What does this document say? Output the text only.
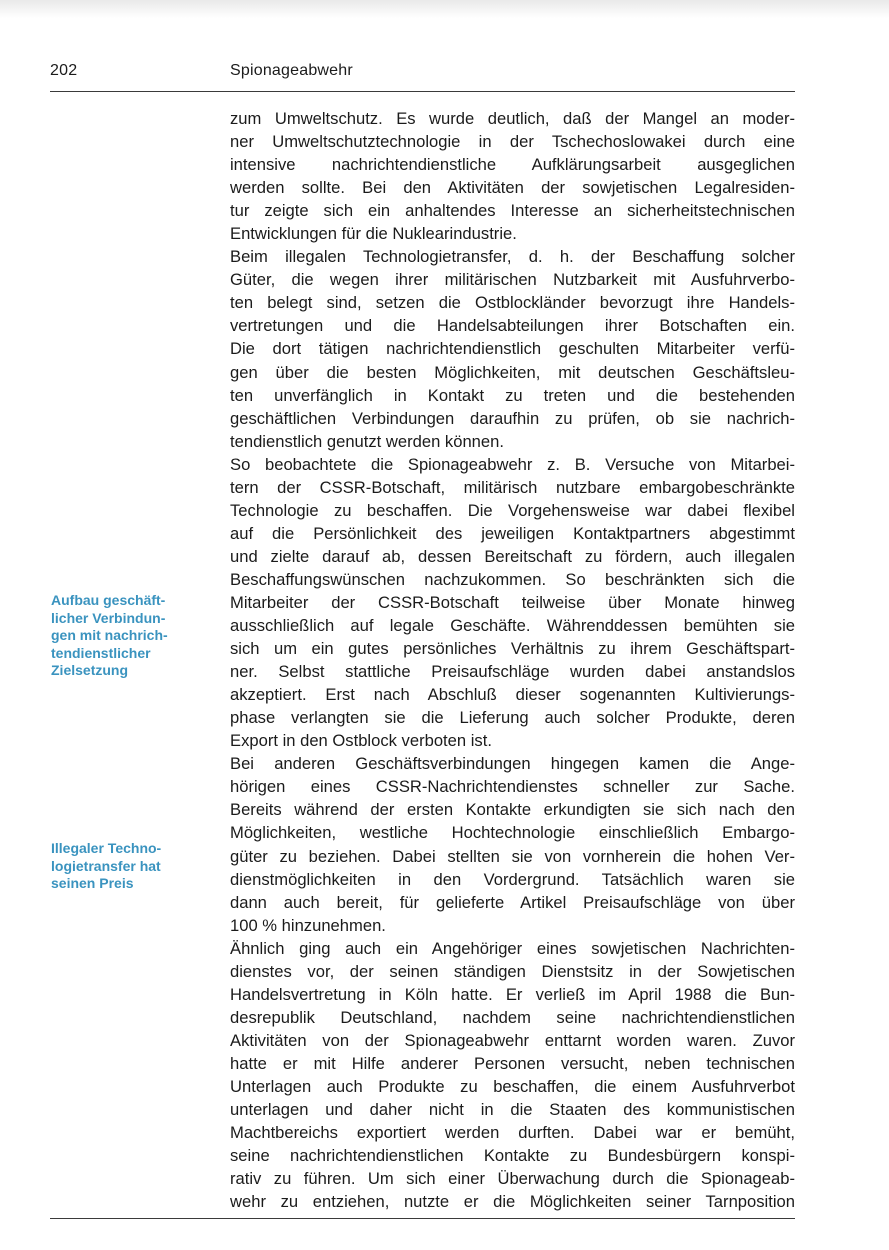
202	Spionageabwehr
Aufbau geschäft-
licher Verbindun-
gen mit nachrich-
tendienstlicher
Zielsetzung
Illegaler Techno-
logietransfer hat
seinen Preis
zum Umweltschutz. Es wurde deutlich, daß der Mangel an moder-
ner Umweltschutztechnologie in der Tschechoslowakei durch eine
intensive nachrichtendienstliche Aufklärungsarbeit ausgeglichen
werden sollte. Bei den Aktivitäten der sowjetischen Legalresiden-
tur zeigte sich ein anhaltendes Interesse an sicherheitstechnischen
Entwicklungen für die Nuklearindustrie.
Beim illegalen Technologietransfer, d. h. der Beschaffung solcher
Güter, die wegen ihrer militärischen Nutzbarkeit mit Ausfuhrverbo-
ten belegt sind, setzen die Ostblockländer bevorzugt ihre Handels-
vertretungen und die Handelsabteilungen ihrer Botschaften ein.
Die dort tätigen nachrichtendienstlich geschulten Mitarbeiter verfü-
gen über die besten Möglichkeiten, mit deutschen Geschäftsleu-
ten unverfänglich in Kontakt zu treten und die bestehenden
geschäftlichen Verbindungen daraufhin zu prüfen, ob sie nachrich-
tendienstlich genutzt werden können.
So beobachtete die Spionageabwehr z. B. Versuche von Mitarbei-
tern der CSSR-Botschaft, militärisch nutzbare embargobeschränkte
Technologie zu beschaffen. Die Vorgehensweise war dabei flexibel
auf die Persönlichkeit des jeweiligen Kontaktpartners abgestimmt
und zielte darauf ab, dessen Bereitschaft zu fördern, auch illegalen
Beschaffungswünschen nachzukommen. So beschränkten sich die
Mitarbeiter der CSSR-Botschaft teilweise über Monate hinweg
ausschließlich auf legale Geschäfte. Währenddessen bemühten sie
sich um ein gutes persönliches Verhältnis zu ihrem Geschäftspart-
ner. Selbst stattliche Preisaufschläge wurden dabei anstandslos
akzeptiert. Erst nach Abschluß dieser sogenannten Kultivierungs-
phase verlangten sie die Lieferung auch solcher Produkte, deren
Export in den Ostblock verboten ist.
Bei anderen Geschäftsverbindungen hingegen kamen die Ange-
hörigen eines CSSR-Nachrichtendienstes schneller zur Sache.
Bereits während der ersten Kontakte erkundigten sie sich nach den
Möglichkeiten, westliche Hochtechnologie einschließlich Embargo-
güter zu beziehen. Dabei stellten sie von vornherein die hohen Ver-
dienstmöglichkeiten in den Vordergrund. Tatsächlich waren sie
dann auch bereit, für gelieferte Artikel Preisaufschläge von über
100 % hinzunehmen.
Ähnlich ging auch ein Angehöriger eines sowjetischen Nachrichten-
dienstes vor, der seinen ständigen Dienstsitz in der Sowjetischen
Handelsvertretung in Köln hatte. Er verließ im April 1988 die Bun-
desrepublik Deutschland, nachdem seine nachrichtendienstlichen
Aktivitäten von der Spionageabwehr enttarnt worden waren. Zuvor
hatte er mit Hilfe anderer Personen versucht, neben technischen
Unterlagen auch Produkte zu beschaffen, die einem Ausfuhrverbot
unterlagen und daher nicht in die Staaten des kommunistischen
Machtbereichs exportiert werden durften. Dabei war er bemüht,
seine nachrichtendienstlichen Kontakte zu Bundesbürgern konspi-
rativ zu führen. Um sich einer Überwachung durch die Spionageab-
wehr zu entziehen, nutzte er die Möglichkeiten seiner Tarnposition
